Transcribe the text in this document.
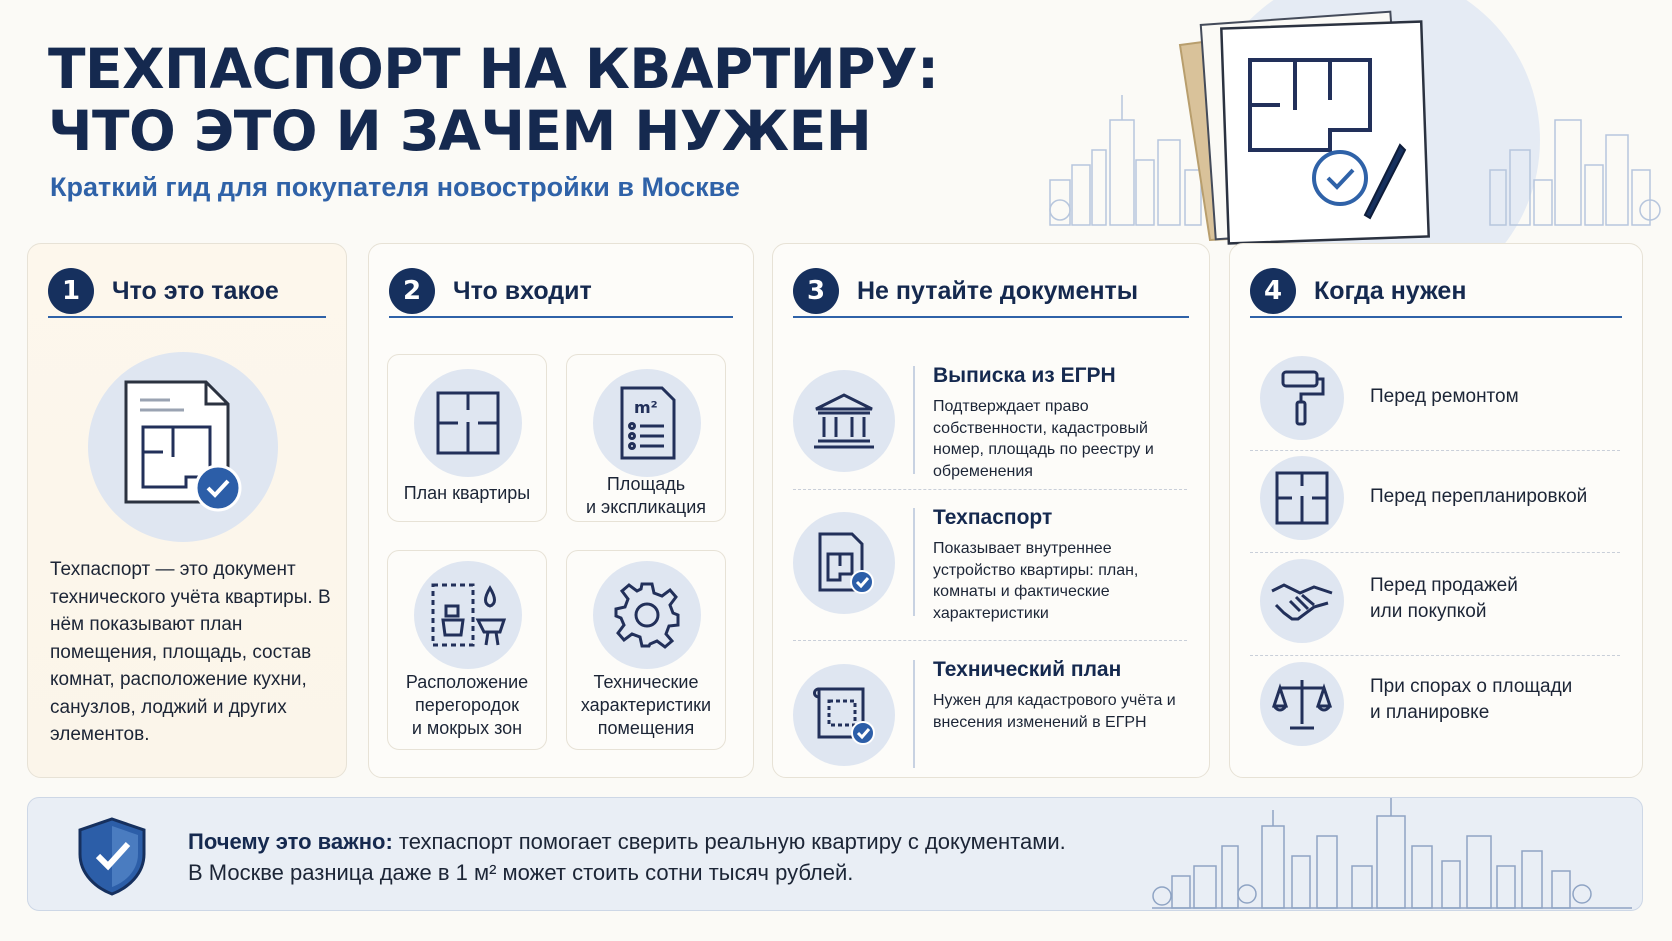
ТЕХПАСПОРТ НА КВАРТИРУ: ЧТО ЭТО И ЗАЧЕМ НУЖЕН
Краткий гид для покупателя новостройки в Москве
1	Что это такое
Техпаспорт — это документ технического учёта квартиры. В нём показывают план помещения, площадь, состав комнат, расположение кухни, санузлов, лоджий и других элементов.
2	Что входит
План квартиры
m²
Площадь
и экспликация
Расположение
перегородок
и мокрых зон
Технические
характеристики
помещения
3	Не путайте документы
Выписка из ЕГРН
Подтверждает право собственности, кадастровый номер, площадь по реестру и обременения
Техпаспорт
Показывает внутреннее устройство квартиры: план, комнаты и фактические характеристики
Технический план
Нужен для кадастрового учёта и внесения изменений в ЕГРН
4	Когда нужен
Перед ремонтом
Перед перепланировкой
Перед продажей
или покупкой
При спорах о площади
и планировке
Почему это важно: техпаспорт помогает сверить реальную квартиру с документами.
В Москве разница даже в 1 м² может стоить сотни тысяч рублей.
